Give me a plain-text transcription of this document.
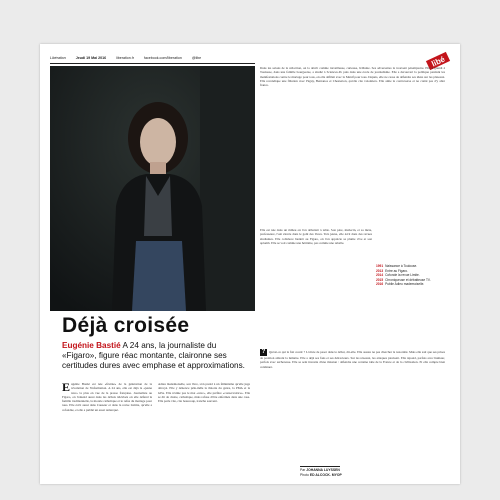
Libération	Jeudi 19 Mai 2016	liberation.fr	facebook.com/liberation	@libe	libé
Déjà croisée

Eugénie Bastié A 24 ans, la journaliste du «Figaro», figure réac montante, claironne ses certitudes dures avec emphase et approximations.

Eugénie Bastié est née «fruitée» de la génération de la révolution de l'information. A 24 ans, elle est déjà la «jeune réac» la plus en vue de la presse française. Journaliste au Figaro, on l'entend aussi dans les débats télévisés où elle défend la famille traditionnelle, la morale catholique et le refus du mariage pour tous. Elle écrit aussi dans Causeur et dans la revue Limite, qu'elle a cofondée, et elle a publié un essai remarqué.

Adieu mademoiselle, son livre, s'en prend à un féminisme qu'elle juge dévoyé. Elle y dénonce pêle-mêle la théorie du genre, la PMA et la GPA. Elle n'aime pas le mot «réac», elle préfère «conservatrice». Elle se dit de droite, catholique, mais refuse d'être enfermée dans une case. Elle parle vite, cite beaucoup, tranche souvent.

Dans les salons de la rédaction, on la décrit comme travailleuse, curieuse, brillante. Ses adversaires la trouvent péremptoire. Elle a grandi à Toulouse, dans une famille bourgeoise, a étudié à Sciences-Po puis dans une école de journalisme. Elle a découvert la politique pendant les manifestations contre le mariage pour tous, où elle défilait avec la Manif pour tous. Depuis, elle ne cesse de défendre ses idées sur les plateaux. Elle revendique une filiation avec Péguy, Bernanos et Chesterton, qu'elle cite volontiers. Elle aime la controverse et ne craint pas d'y aller franco.

Elle est née dans un milieu où l'on débattait à table. Son père, médecin, et sa mère, professeure, l'ont élevée dans le goût des livres. Très jeune, elle écrit dans des revues étudiantes. Elle collabore bientôt au Figaro, où l'on apprécie sa plume vive et son aplomb. Elle se voit comme une héritière, pas comme une rebelle.

1991 Naissance à Toulouse.
2013 Entre au Figaro.
2014 Cofonde la revue Limite.
2015 Chroniqueuse et débatteuse TV.
2016 Publie Adieu mademoiselle.

? Qu'est-ce qui la fait courir ? L'envie de peser dans le débat, dit-elle. Elle assure ne pas chercher la notoriété. Mais elle sait que ses prises de position attirent la lumière. Elle a déjà ses fans et ses détracteurs. Sur les réseaux, les attaques pleuvent. Elle répond, parfois avec humour, parfois avec sécheresse. Elle se sent investie d'une mission : défendre une certaine idée de la France et de la civilisation. Et elle compte bien continuer.

Par JOHANNA LUYSSEN
Photo ED ALCOCK. MYOP
